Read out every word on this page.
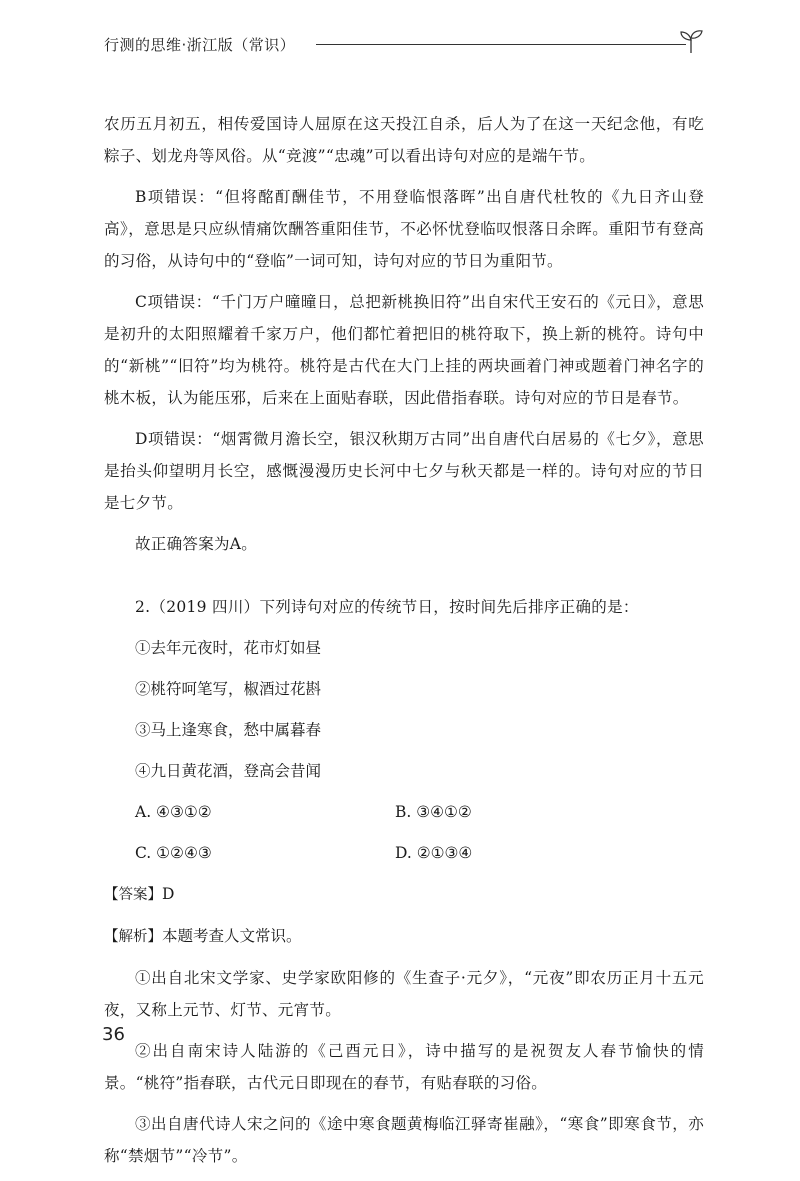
行测的思维·浙江版（常识）

农历五月初五，相传爱国诗人屈原在这天投江自杀，后人为了在这一天纪念他，有吃粽子、划龙舟等风俗。从“竞渡”“忠魂”可以看出诗句对应的是端午节。

B项错误：“但将酩酊酬佳节，不用登临恨落晖”出自唐代杜牧的《九日齐山登高》，意思是只应纵情痛饮酬答重阳佳节，不必怀忧登临叹恨落日余晖。重阳节有登高的习俗，从诗句中的“登临”一词可知，诗句对应的节日为重阳节。

C项错误：“千门万户曈曈日，总把新桃换旧符”出自宋代王安石的《元日》，意思是初升的太阳照耀着千家万户，他们都忙着把旧的桃符取下，换上新的桃符。诗句中的“新桃”“旧符”均为桃符。桃符是古代在大门上挂的两块画着门神或题着门神名字的桃木板，认为能压邪，后来在上面贴春联，因此借指春联。诗句对应的节日是春节。

D项错误：“烟霄微月澹长空，银汉秋期万古同”出自唐代白居易的《七夕》，意思是抬头仰望明月长空，感慨漫漫历史长河中七夕与秋天都是一样的。诗句对应的节日是七夕节。

故正确答案为A。

2.（2019 四川）下列诗句对应的传统节日，按时间先后排序正确的是：

①去年元夜时，花市灯如昼
②桃符呵笔写，椒酒过花斟
③马上逢寒食，愁中属暮春
④九日黄花酒，登高会昔闻
A. ④③①②	B. ③④①②
C. ①②④③	D. ②①③④
【答案】D
【解析】本题考查人文常识。

①出自北宋文学家、史学家欧阳修的《生查子·元夕》，“元夜”即农历正月十五元夜，又称上元节、灯节、元宵节。

②出自南宋诗人陆游的《己酉元日》，诗中描写的是祝贺友人春节愉快的情景。“桃符”指春联，古代元日即现在的春节，有贴春联的习俗。

③出自唐代诗人宋之问的《途中寒食题黄梅临江驿寄崔融》，“寒食”即寒食节，亦称“禁烟节”“冷节”。

36
